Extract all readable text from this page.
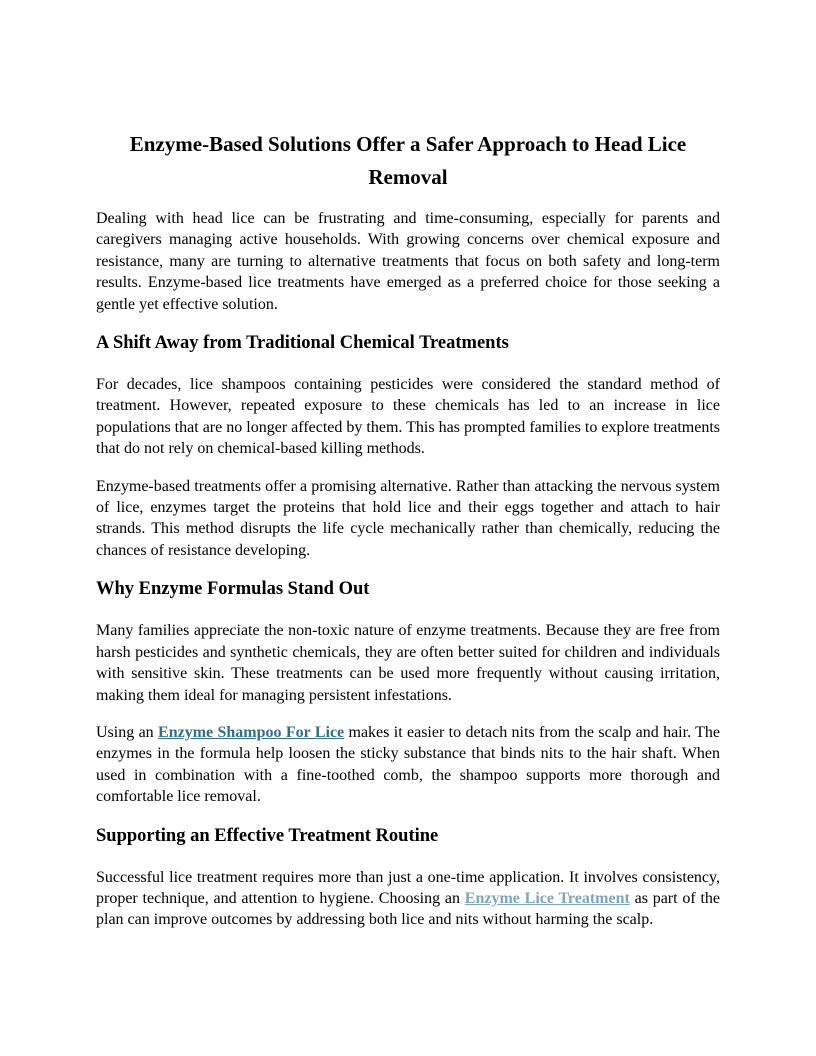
Enzyme-Based Solutions Offer a Safer Approach to Head Lice Removal

Dealing with head lice can be frustrating and time-consuming, especially for parents and caregivers managing active households. With growing concerns over chemical exposure and resistance, many are turning to alternative treatments that focus on both safety and long-term results. Enzyme-based lice treatments have emerged as a preferred choice for those seeking a gentle yet effective solution.

A Shift Away from Traditional Chemical Treatments

For decades, lice shampoos containing pesticides were considered the standard method of treatment. However, repeated exposure to these chemicals has led to an increase in lice populations that are no longer affected by them. This has prompted families to explore treatments that do not rely on chemical-based killing methods.

Enzyme-based treatments offer a promising alternative. Rather than attacking the nervous system of lice, enzymes target the proteins that hold lice and their eggs together and attach to hair strands. This method disrupts the life cycle mechanically rather than chemically, reducing the chances of resistance developing.

Why Enzyme Formulas Stand Out

Many families appreciate the non-toxic nature of enzyme treatments. Because they are free from harsh pesticides and synthetic chemicals, they are often better suited for children and individuals with sensitive skin. These treatments can be used more frequently without causing irritation, making them ideal for managing persistent infestations.

Using an Enzyme Shampoo For Lice makes it easier to detach nits from the scalp and hair. The enzymes in the formula help loosen the sticky substance that binds nits to the hair shaft. When used in combination with a fine-toothed comb, the shampoo supports more thorough and comfortable lice removal.

Supporting an Effective Treatment Routine

Successful lice treatment requires more than just a one-time application. It involves consistency, proper technique, and attention to hygiene. Choosing an Enzyme Lice Treatment as part of the plan can improve outcomes by addressing both lice and nits without harming the scalp.
